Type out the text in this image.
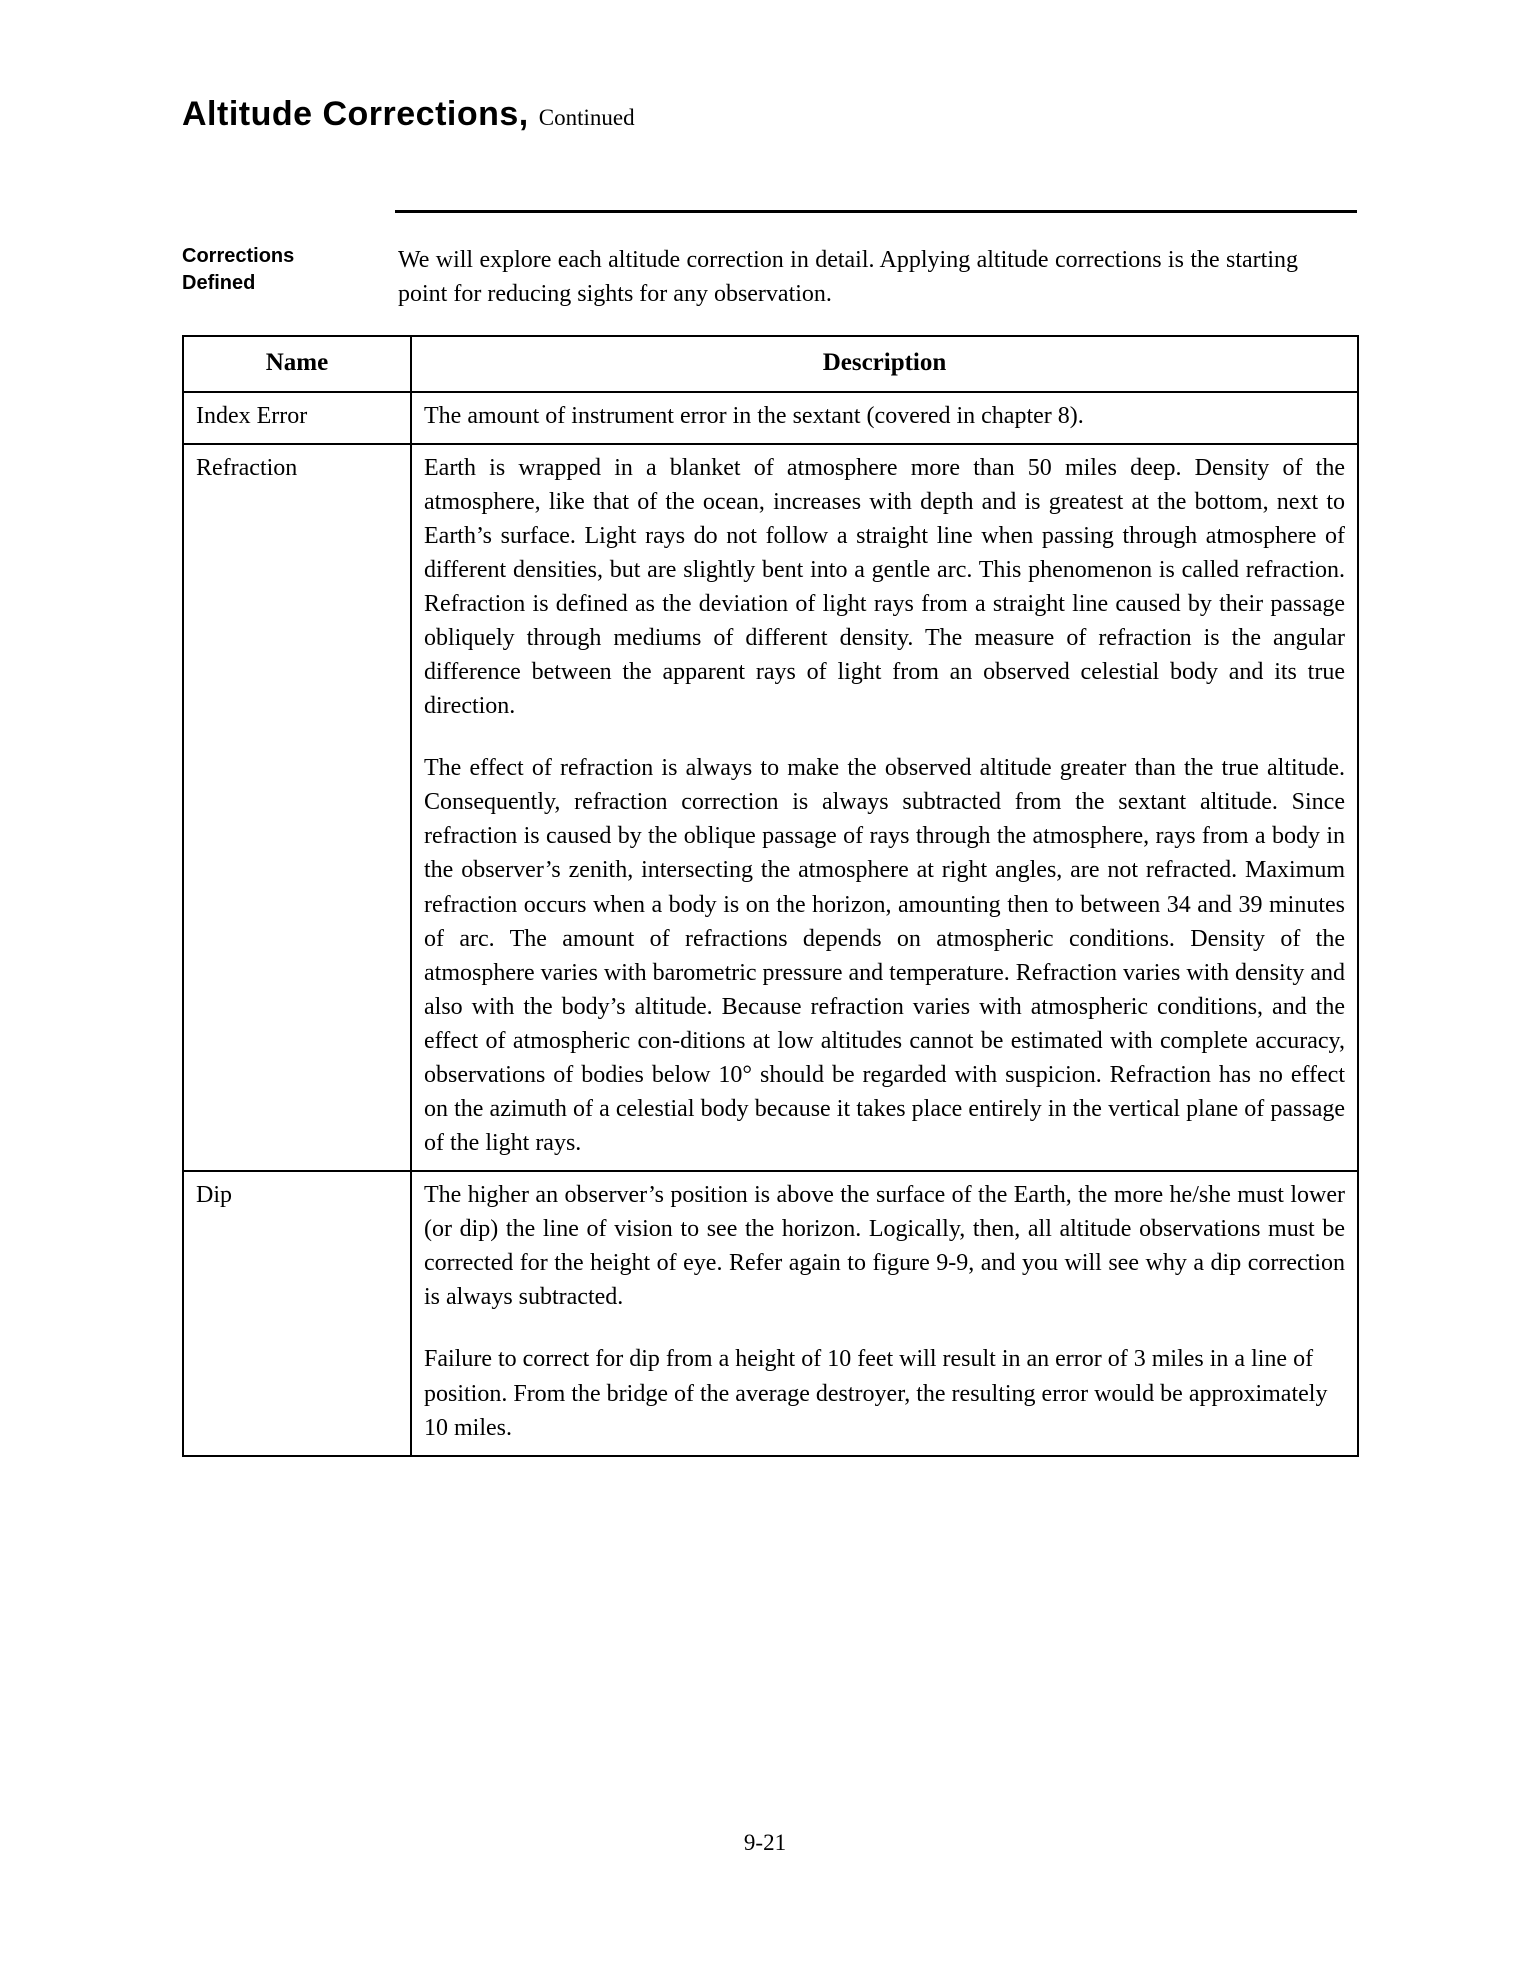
Altitude Corrections, Continued
Corrections
Defined
We will explore each altitude correction in detail. Applying altitude corrections is the starting point for reducing sights for any observation.
Name	Description
Index Error	The amount of instrument error in the sextant (covered in chapter 8).

Refraction	Earth is wrapped in a blanket of atmosphere more than 50 miles deep. Density of the atmosphere, like that of the ocean, increases with depth and is greatest at the bottom, next to Earth’s surface. Light rays do not follow a straight line when passing through atmosphere of different densities, but are slightly bent into a gentle arc. This phenomenon is called refraction. Refraction is defined as the deviation of light rays from a straight line caused by their passage obliquely through mediums of different density. The measure of refraction is the angular difference between the apparent rays of light from an observed celestial body and its true direction.

The effect of refraction is always to make the observed altitude greater than the true altitude. Consequently, refraction correction is always subtracted from the sextant altitude. Since refraction is caused by the oblique passage of rays through the atmosphere, rays from a body in the observer’s zenith, intersecting the atmosphere at right angles, are not refracted. Maximum refraction occurs when a body is on the horizon, amounting then to between 34 and 39 minutes of arc. The amount of refractions depends on atmospheric conditions. Density of the atmosphere varies with barometric pressure and temperature. Refraction varies with density and also with the body’s altitude. Because refraction varies with atmospheric conditions, and the effect of atmospheric con-ditions at low altitudes cannot be estimated with complete accuracy, observations of bodies below 10° should be regarded with suspicion. Refraction has no effect on the azimuth of a celestial body because it takes place entirely in the vertical plane of passage of the light rays.

Dip	The higher an observer’s position is above the surface of the Earth, the more he/she must lower (or dip) the line of vision to see the horizon. Logically, then, all altitude observations must be corrected for the height of eye. Refer again to figure 9-9, and you will see why a dip correction is always subtracted.

Failure to correct for dip from a height of 10 feet will result in an error of 3 miles in a line of position. From the bridge of the average destroyer, the resulting error would be approximately 10 miles.

9-21
